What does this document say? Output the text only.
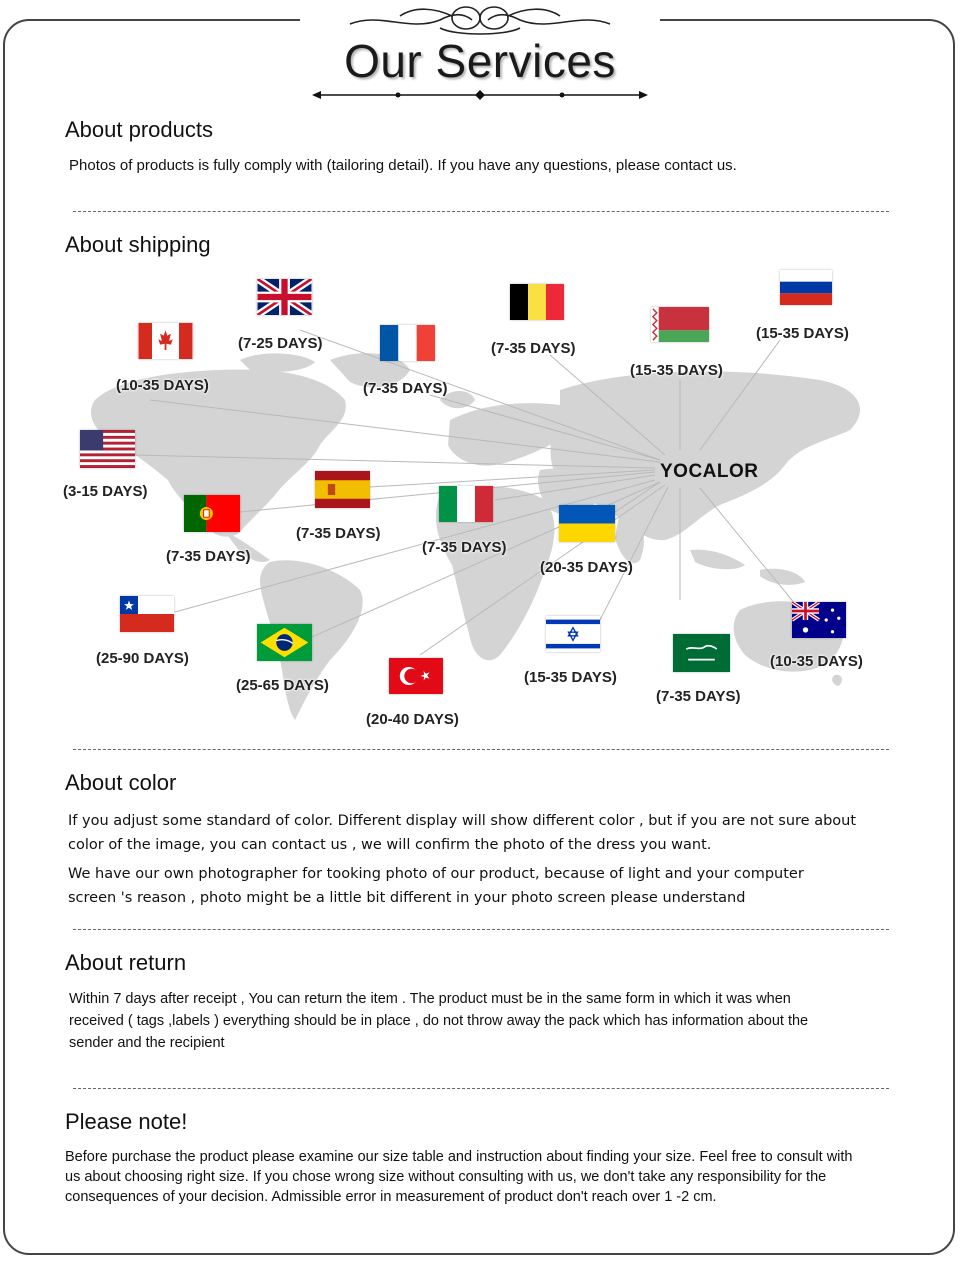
Our Services
About products
Photos of products is fully comply with (tailoring detail). If you have any questions, please contact us.
About shipping
YOCALOR
(7-25 DAYS)	(7-35 DAYS)
(15-35 DAYS)
(15-35 DAYS)
(10-35 DAYS)	(7-35 DAYS)
(3-15 DAYS)
(7-35 DAYS)
(7-35 DAYS)
(7-35 DAYS)
(20-35 DAYS)
(25-90 DAYS)
(25-65 DAYS)
(20-40 DAYS)
(15-35 DAYS)
(7-35 DAYS)
(10-35 DAYS)
About color
If you adjust some standard of color. Different display will show different color , but if you are not sure about
color of the image, you can contact us , we will confirm the photo of the dress you want.
We have our own photographer for tooking photo of our product, because of light and your computer
screen 's reason , photo might be a little bit different in your photo screen please understand
About return
Within 7 days after receipt , You can return the item . The product must be in the same form in which it was when
received ( tags ,labels ) everything should be in place , do not throw away the pack which has information about the
sender and the recipient
Please note!
Before purchase the product please examine our size table and instruction about finding your size. Feel free to consult with
us about choosing right size. If you chose wrong size without consulting with us, we don't take any responsibility for the
consequences of your decision. Admissible error in measurement of product don't reach over 1 -2 cm.
